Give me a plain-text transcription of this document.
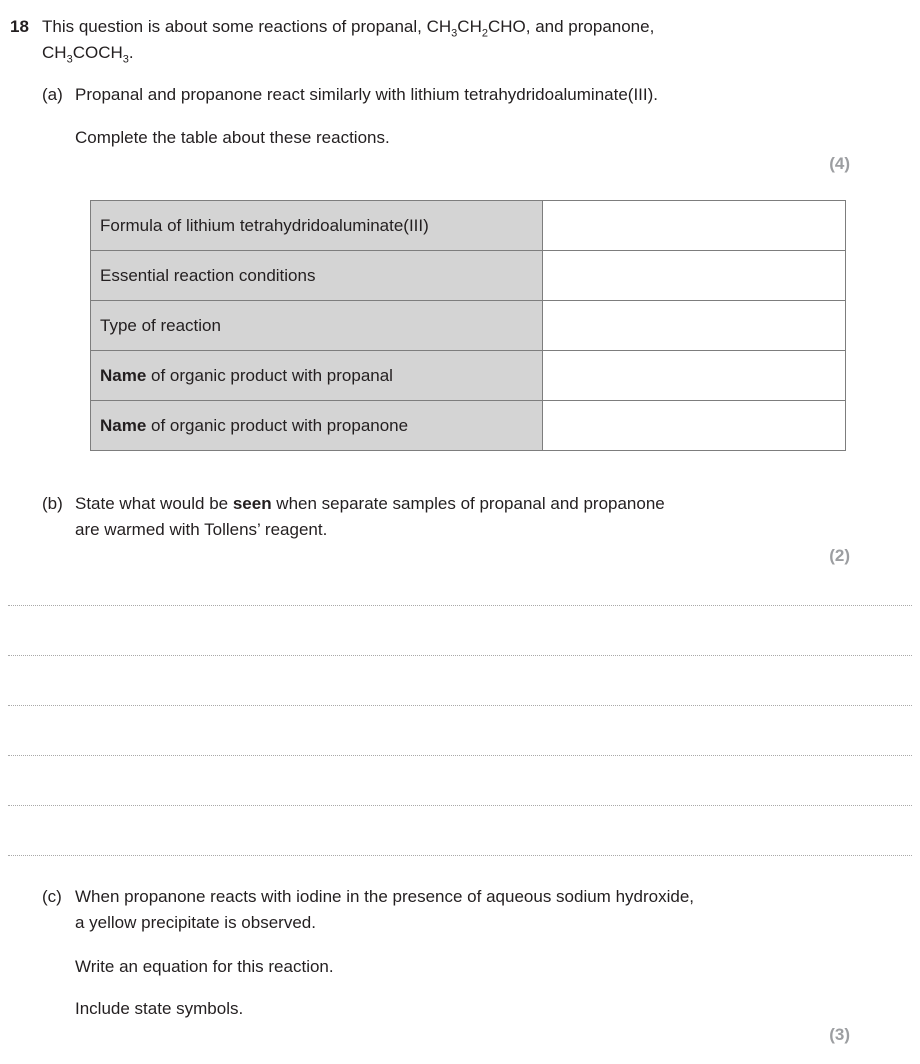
18 This question is about some reactions of propanal, $CH_3CH_2CHO$, and propanone,
$CH_3COCH_3$.

(a) Propanal and propanone react similarly with lithium tetrahydridoaluminate(III).

Complete the table about these reactions.

(4)
Formula of lithium tetrahydridoaluminate(III)	
Essential reaction conditions	
Type of reaction	
Name of organic product with propanal	
Name of organic product with propanone	
(b) State what would be seen when separate samples of propanal and propanone
are warmed with Tollens’ reagent.

(2)
(c) When propanone reacts with iodine in the presence of aqueous sodium hydroxide,
a yellow precipitate is observed.

Write an equation for this reaction.

Include state symbols.

(3)
